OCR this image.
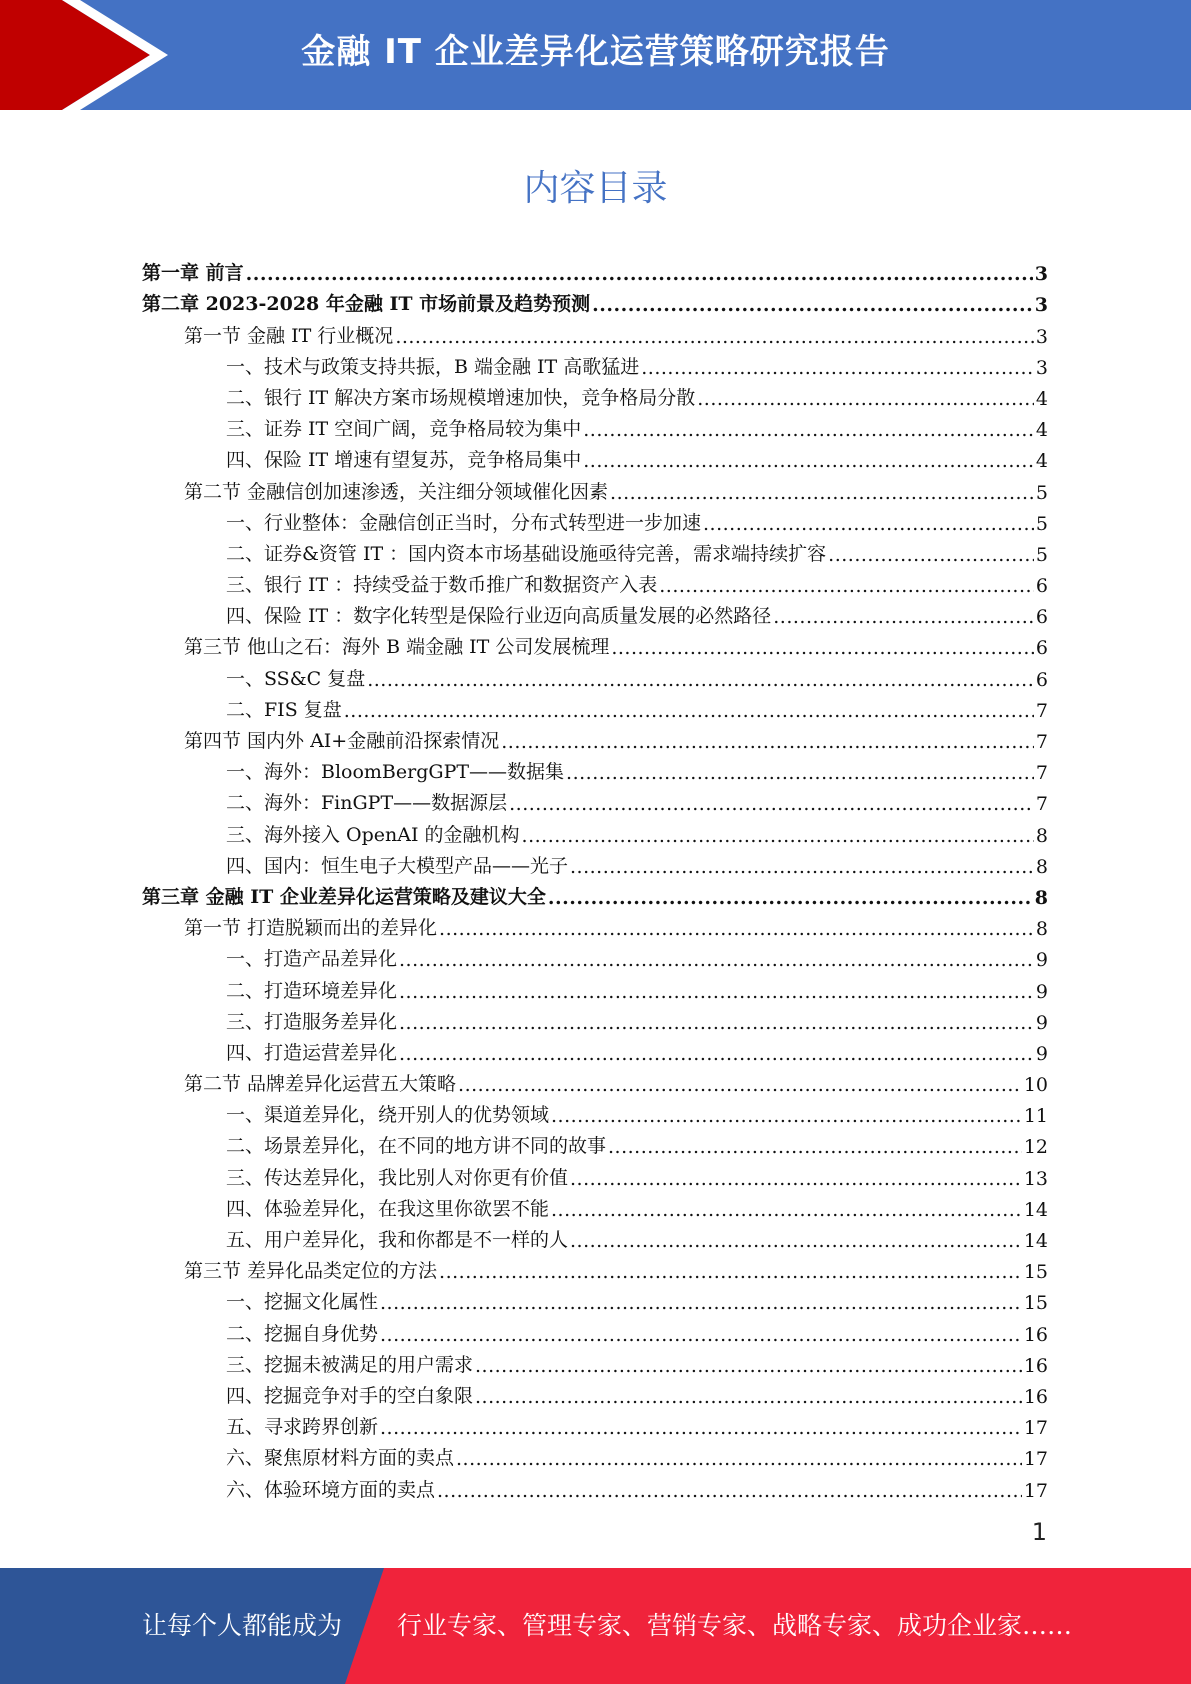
金融 IT 企业差异化运营策略研究报告
内容目录
第一章 前言 .....	3
第二章 2023-2028 年金融 IT 市场前景及趋势预测 .....	3
第一节 金融 IT 行业概况 .....	3
一、技术与政策支持共振，B 端金融 IT 高歌猛进 .....	3
二、银行 IT 解决方案市场规模增速加快，竞争格局分散 .....	4
三、证券 IT 空间广阔，竞争格局较为集中 .....	4
四、保险 IT 增速有望复苏，竞争格局集中 .....	4
第二节 金融信创加速渗透，关注细分领域催化因素 .....	5
一、行业整体：金融信创正当时，分布式转型进一步加速 .....	5
二、证券&资管 IT ：国内资本市场基础设施亟待完善，需求端持续扩容 .....	5
三、银行 IT ：持续受益于数币推广和数据资产入表 .....	6
四、保险 IT ：数字化转型是保险行业迈向高质量发展的必然路径 .....	6
第三节 他山之石：海外 B 端金融 IT 公司发展梳理 .....	6
一、SS&C 复盘 .....	6
二、FIS 复盘 .....	7
第四节 国内外 AI+金融前沿探索情况 .....	7
一、海外：BloomBergGPT——数据集 .....	7
二、海外：FinGPT——数据源层 .....	7
三、海外接入 OpenAI 的金融机构 .....	8
四、国内：恒生电子大模型产品——光子 .....	8
第三章 金融 IT 企业差异化运营策略及建议大全 .....	8
第一节 打造脱颖而出的差异化 .....	8
一、打造产品差异化 .....	9
二、打造环境差异化 .....	9
三、打造服务差异化 .....	9
四、打造运营差异化 .....	9
第二节 品牌差异化运营五大策略 .....	10
一、渠道差异化，绕开别人的优势领域 .....	11
二、场景差异化，在不同的地方讲不同的故事 .....	12
三、传达差异化，我比别人对你更有价值 .....	13
四、体验差异化，在我这里你欲罢不能 .....	14
五、用户差异化，我和你都是不一样的人 .....	14
第三节 差异化品类定位的方法 .....	15
一、挖掘文化属性 .....	15
二、挖掘自身优势 .....	16
三、挖掘未被满足的用户需求 .....	16
四、挖掘竞争对手的空白象限 .....	16
五、寻求跨界创新 .....	17
六、聚焦原材料方面的卖点 .....	17
六、体验环境方面的卖点 .....	17
1
让每个人都能成为 行业专家、管理专家、营销专家、战略专家、成功企业家……
